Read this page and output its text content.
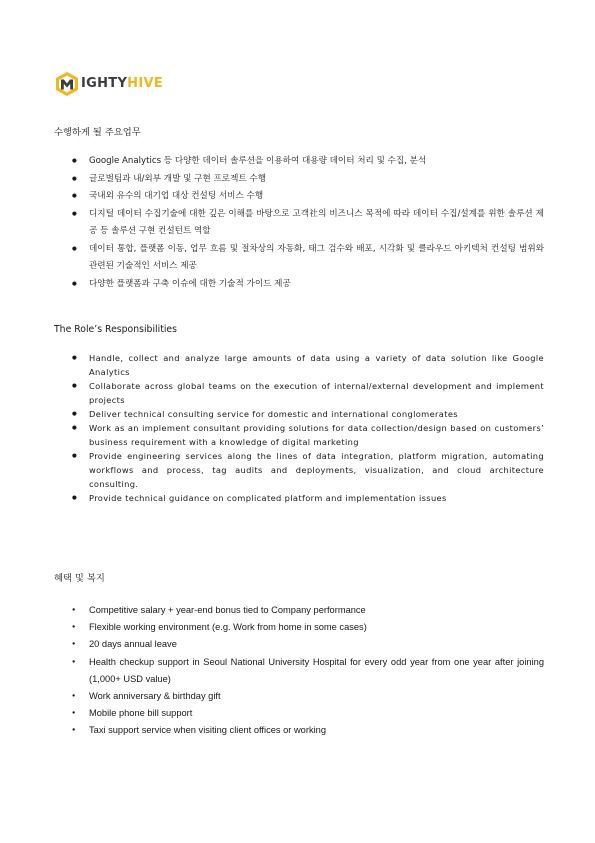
IGHTYHIVE
수행하게 될 주요업무
● Google Analytics 등 다양한 데이터 솔루션을 이용하여 대용량 데이터 처리 및 수집, 분석
● 글로벌팀과 내/외부 개발 및 구현 프로젝트 수행
● 국내외 유수의 대기업 대상 컨설팅 서비스 수행
● 디지털 데이터 수집기술에 대한 깊은 이해를 바탕으로 고객社의 비즈니스 목적에 따라 데이터 수집/설계를 위한 솔루션 제공 등 솔루션 구현 컨설턴트 역할
● 데이터 통합, 플랫폼 이동, 업무 흐름 및 절차상의 자동화, 태그 검수와 배포, 시각화 및 클라우드 아키텍처 컨설팅 범위와 관련된 기술적인 서비스 제공
● 다양한 플랫폼과 구축 이슈에 대한 기술적 가이드 제공
The Role’s Responsibilities
● Handle, collect and analyze large amounts of data using a variety of data solution like Google Analytics
● Collaborate across global teams on the execution of internal/external development and implement projects
● Deliver technical consulting service for domestic and international conglomerates
● Work as an implement consultant providing solutions for data collection/design based on customers’ business requirement with a knowledge of digital marketing
● Provide engineering services along the lines of data integration, platform migration, automating workflows and process, tag audits and deployments, visualization, and cloud architecture consulting.
● Provide technical guidance on complicated platform and implementation issues
혜택 및 복지
● Competitive salary + year-end bonus tied to Company performance
● Flexible working environment (e.g. Work from home in some cases)
● 20 days annual leave
● Health checkup support in Seoul National University Hospital for every odd year from one year after joining (1,000+ USD value)
● Work anniversary & birthday gift
● Mobile phone bill support
● Taxi support service when visiting client offices or working
